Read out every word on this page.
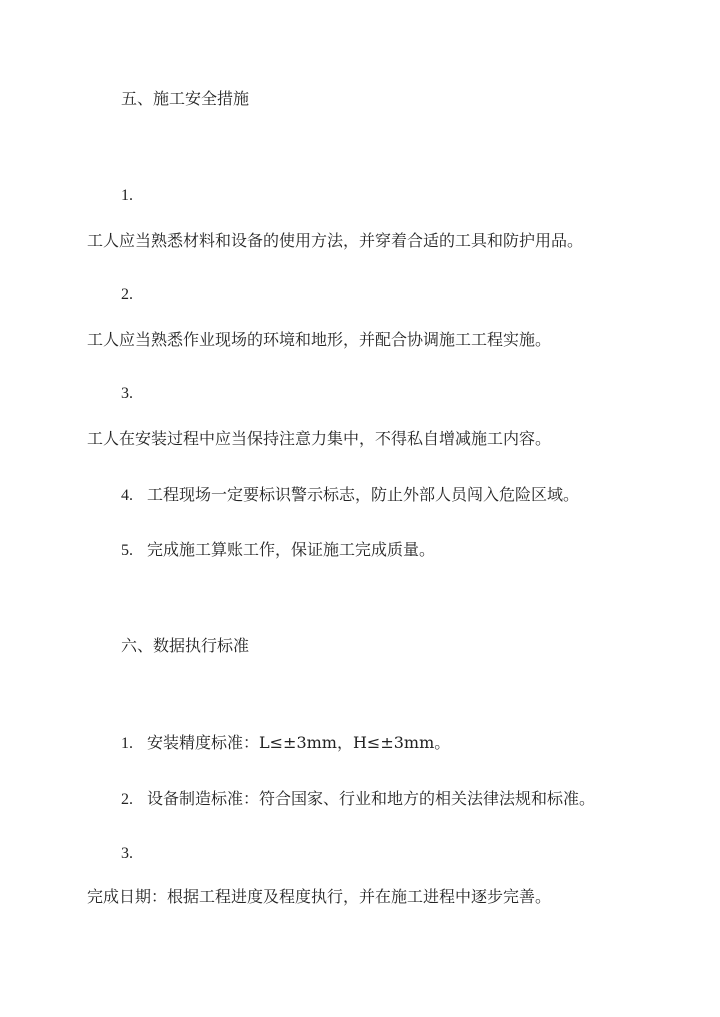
五、施工安全措施
1.
工人应当熟悉材料和设备的使用方法，并穿着合适的工具和防护用品。
2.
工人应当熟悉作业现场的环境和地形，并配合协调施工工程实施。
3.
工人在安装过程中应当保持注意力集中，不得私自增减施工内容。
4. 工程现场一定要标识警示标志，防止外部人员闯入危险区域。
5. 完成施工算账工作，保证施工完成质量。
六、数据执行标准
1. 安装精度标准：L≤±3mm，H≤±3mm。
2. 设备制造标准：符合国家、行业和地方的相关法律法规和标准。
3.
完成日期：根据工程进度及程度执行，并在施工进程中逐步完善。
